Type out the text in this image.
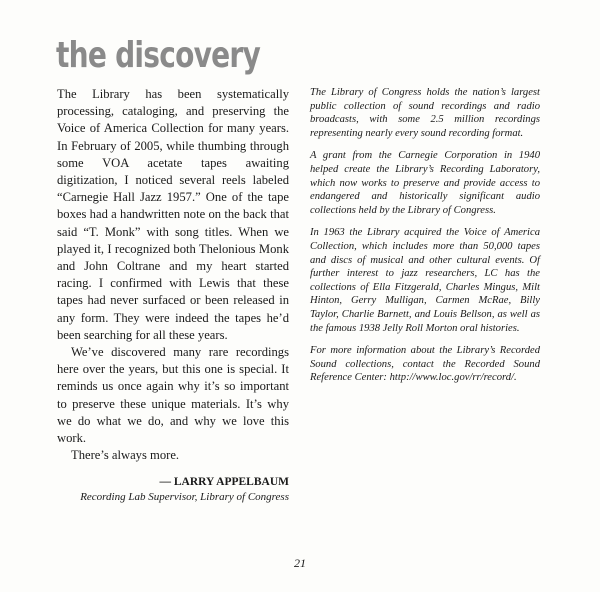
the discovery

The Library has been systematically processing, cataloging, and preserving the Voice of America Collection for many years. In February of 2005, while thumbing through some VOA acetate tapes awaiting digitization, I noticed several reels labeled “Carnegie Hall Jazz 1957.” One of the tape boxes had a handwritten note on the back that said “T. Monk” with song titles. When we played it, I recognized both Thelonious Monk and John Coltrane and my heart started racing. I confirmed with Lewis that these tapes had never surfaced or been released in any form. They were indeed the tapes he’d been searching for all these years.

We’ve discovered many rare recordings here over the years, but this one is special. It reminds us once again why it’s so important to preserve these unique materials. It’s why we do what we do, and why we love this work.

There’s always more.

— LARRY APPELBAUM
Recording Lab Supervisor, Library of Congress

The Library of Congress holds the nation’s largest public collection of sound recordings and radio broadcasts, with some 2.5 million recordings representing nearly every sound recording format.

A grant from the Carnegie Corporation in 1940 helped create the Library’s Recording Laboratory, which now works to preserve and provide access to endangered and historically significant audio collections held by the Library of Congress.

In 1963 the Library acquired the Voice of America Collection, which includes more than 50,000 tapes and discs of musical and other cultural events. Of further interest to jazz researchers, LC has the collections of Ella Fitzgerald, Charles Mingus, Milt Hinton, Gerry Mulligan, Carmen McRae, Billy Taylor, Charlie Barnett, and Louis Bellson, as well as the famous 1938 Jelly Roll Morton oral histories.

For more information about the Library’s Recorded Sound collections, contact the Recorded Sound Reference Center: http://www.loc.gov/rr/record/.

21
